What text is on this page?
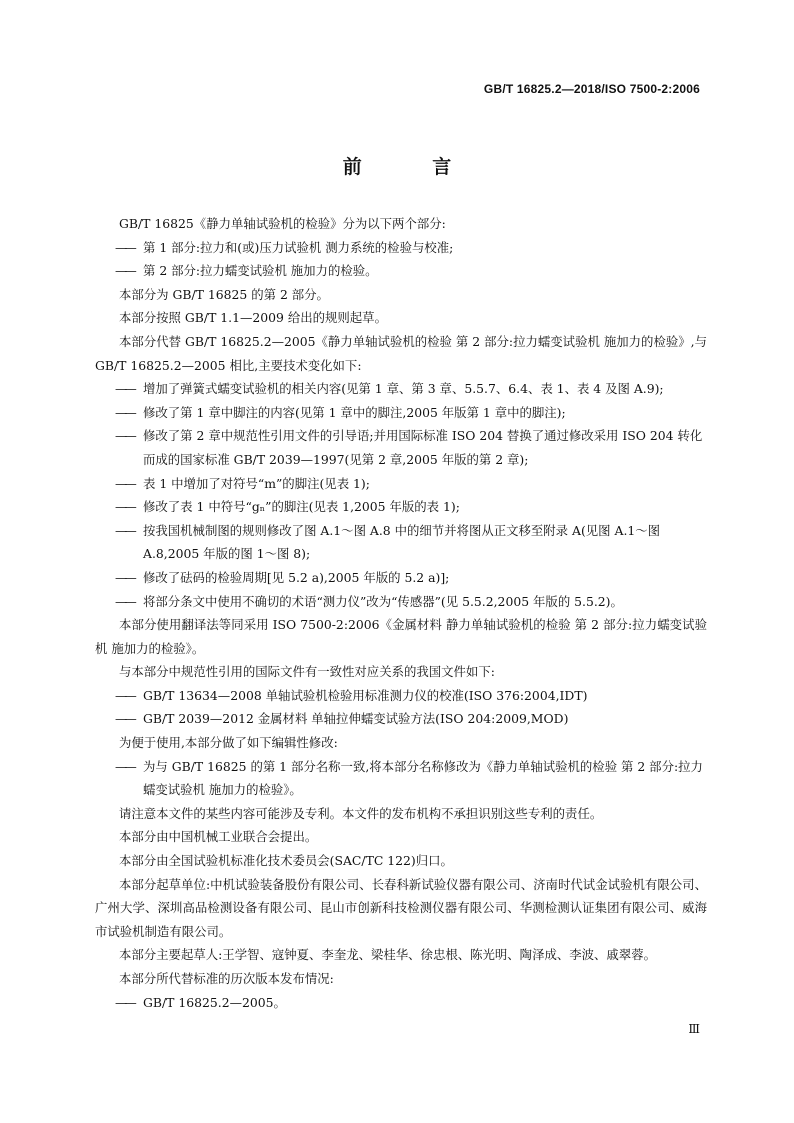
GB/T 16825.2—2018/ISO 7500-2:2006
前 言

GB/T 16825《静力单轴试验机的检验》分为以下两个部分:

—— 第 1 部分:拉力和(或)压力试验机 测力系统的检验与校准;

—— 第 2 部分:拉力蠕变试验机 施加力的检验。

本部分为 GB/T 16825 的第 2 部分。

本部分按照 GB/T 1.1—2009 给出的规则起草。

本部分代替 GB/T 16825.2—2005《静力单轴试验机的检验 第 2 部分:拉力蠕变试验机 施加力的检验》,与 GB/T 16825.2—2005 相比,主要技术变化如下:

—— 增加了弹簧式蠕变试验机的相关内容(见第 1 章、第 3 章、5.5.7、6.4、表 1、表 4 及图 A.9);

—— 修改了第 1 章中脚注的内容(见第 1 章中的脚注,2005 年版第 1 章中的脚注);

—— 修改了第 2 章中规范性引用文件的引导语;并用国际标准 ISO 204 替换了通过修改采用 ISO 204 转化而成的国家标准 GB/T 2039—1997(见第 2 章,2005 年版的第 2 章);

—— 表 1 中增加了对符号“m”的脚注(见表 1);

—— 修改了表 1 中符号“gₙ”的脚注(见表 1,2005 年版的表 1);

—— 按我国机械制图的规则修改了图 A.1～图 A.8 中的细节并将图从正文移至附录 A(见图 A.1～图 A.8,2005 年版的图 1～图 8);

—— 修改了砝码的检验周期[见 5.2 a),2005 年版的 5.2 a)];

—— 将部分条文中使用不确切的术语“测力仪”改为“传感器”(见 5.5.2,2005 年版的 5.5.2)。

本部分使用翻译法等同采用 ISO 7500-2:2006《金属材料 静力单轴试验机的检验 第 2 部分:拉力蠕变试验机 施加力的检验》。

与本部分中规范性引用的国际文件有一致性对应关系的我国文件如下:

—— GB/T 13634—2008 单轴试验机检验用标准测力仪的校准(ISO 376:2004,IDT)

—— GB/T 2039—2012 金属材料 单轴拉伸蠕变试验方法(ISO 204:2009,MOD)

为便于使用,本部分做了如下编辑性修改:

—— 为与 GB/T 16825 的第 1 部分名称一致,将本部分名称修改为《静力单轴试验机的检验 第 2 部分:拉力蠕变试验机 施加力的检验》。

请注意本文件的某些内容可能涉及专利。本文件的发布机构不承担识别这些专利的责任。

本部分由中国机械工业联合会提出。

本部分由全国试验机标准化技术委员会(SAC/TC 122)归口。

本部分起草单位:中机试验装备股份有限公司、长春科新试验仪器有限公司、济南时代试金试验机有限公司、广州大学、深圳高品检测设备有限公司、昆山市创新科技检测仪器有限公司、华测检测认证集团有限公司、威海市试验机制造有限公司。

本部分主要起草人:王学智、寇钟夏、李奎龙、梁桂华、徐忠根、陈光明、陶泽成、李波、戚翠蓉。

本部分所代替标准的历次版本发布情况:

—— GB/T 16825.2—2005。

Ⅲ
